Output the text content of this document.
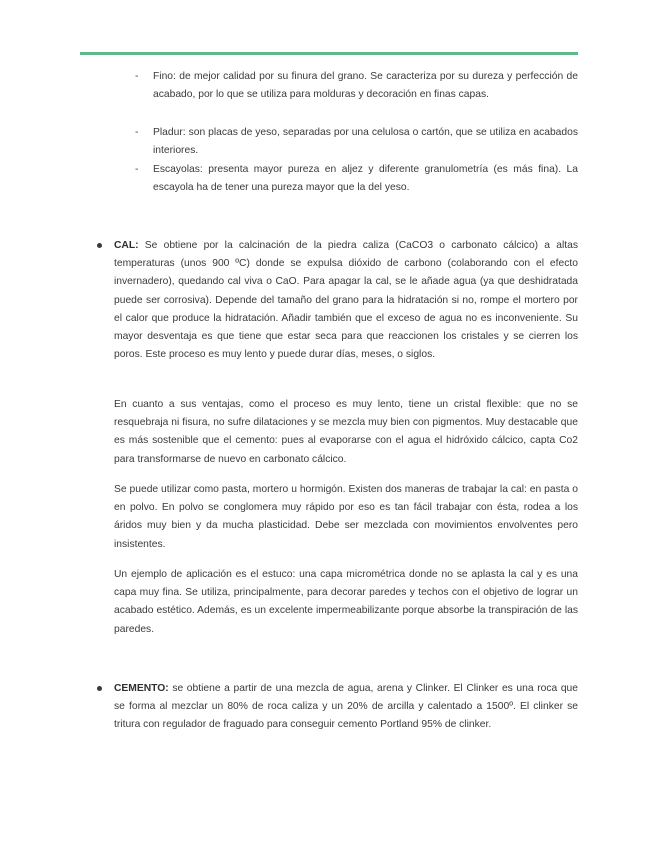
- Fino: de mejor calidad por su finura del grano. Se caracteriza por su dureza y perfección de acabado, por lo que se utiliza para molduras y decoración en finas capas.

- Pladur: son placas de yeso, separadas por una celulosa o cartón, que se utiliza en acabados interiores.

- Escayolas: presenta mayor pureza en aljez y diferente granulometría (es más fina). La escayola ha de tener una pureza mayor que la del yeso.

CAL: Se obtiene por la calcinación de la piedra caliza (CaCO3 o carbonato cálcico) a altas temperaturas (unos 900 ºC) donde se expulsa dióxido de carbono (colaborando con el efecto invernadero), quedando cal viva o CaO. Para apagar la cal, se le añade agua (ya que deshidratada puede ser corrosiva). Depende del tamaño del grano para la hidratación si no, rompe el mortero por el calor que produce la hidratación. Añadir también que el exceso de agua no es inconveniente. Su mayor desventaja es que tiene que estar seca para que reaccionen los cristales y se cierren los poros. Este proceso es muy lento y puede durar días, meses, o siglos.

En cuanto a sus ventajas, como el proceso es muy lento, tiene un cristal flexible: que no se resquebraja ni fisura, no sufre dilataciones y se mezcla muy bien con pigmentos. Muy destacable que es más sostenible que el cemento: pues al evaporarse con el agua el hidróxido cálcico, capta Co2 para transformarse de nuevo en carbonato cálcico.

Se puede utilizar como pasta, mortero u hormigón. Existen dos maneras de trabajar la cal: en pasta o en polvo. En polvo se conglomera muy rápido por eso es tan fácil trabajar con ésta, rodea a los áridos muy bien y da mucha plasticidad. Debe ser mezclada con movimientos envolventes pero insistentes.

Un ejemplo de aplicación es el estuco: una capa micrométrica donde no se aplasta la cal y es una capa muy fina. Se utiliza, principalmente, para decorar paredes y techos con el objetivo de lograr un acabado estético. Además, es un excelente impermeabilizante porque absorbe la transpiración de las paredes.

CEMENTO: se obtiene a partir de una mezcla de agua, arena y Clinker. El Clinker es una roca que se forma al mezclar un 80% de roca caliza y un 20% de arcilla y calentado a 1500º. El clinker se tritura con regulador de fraguado para conseguir cemento Portland 95% de clinker.
